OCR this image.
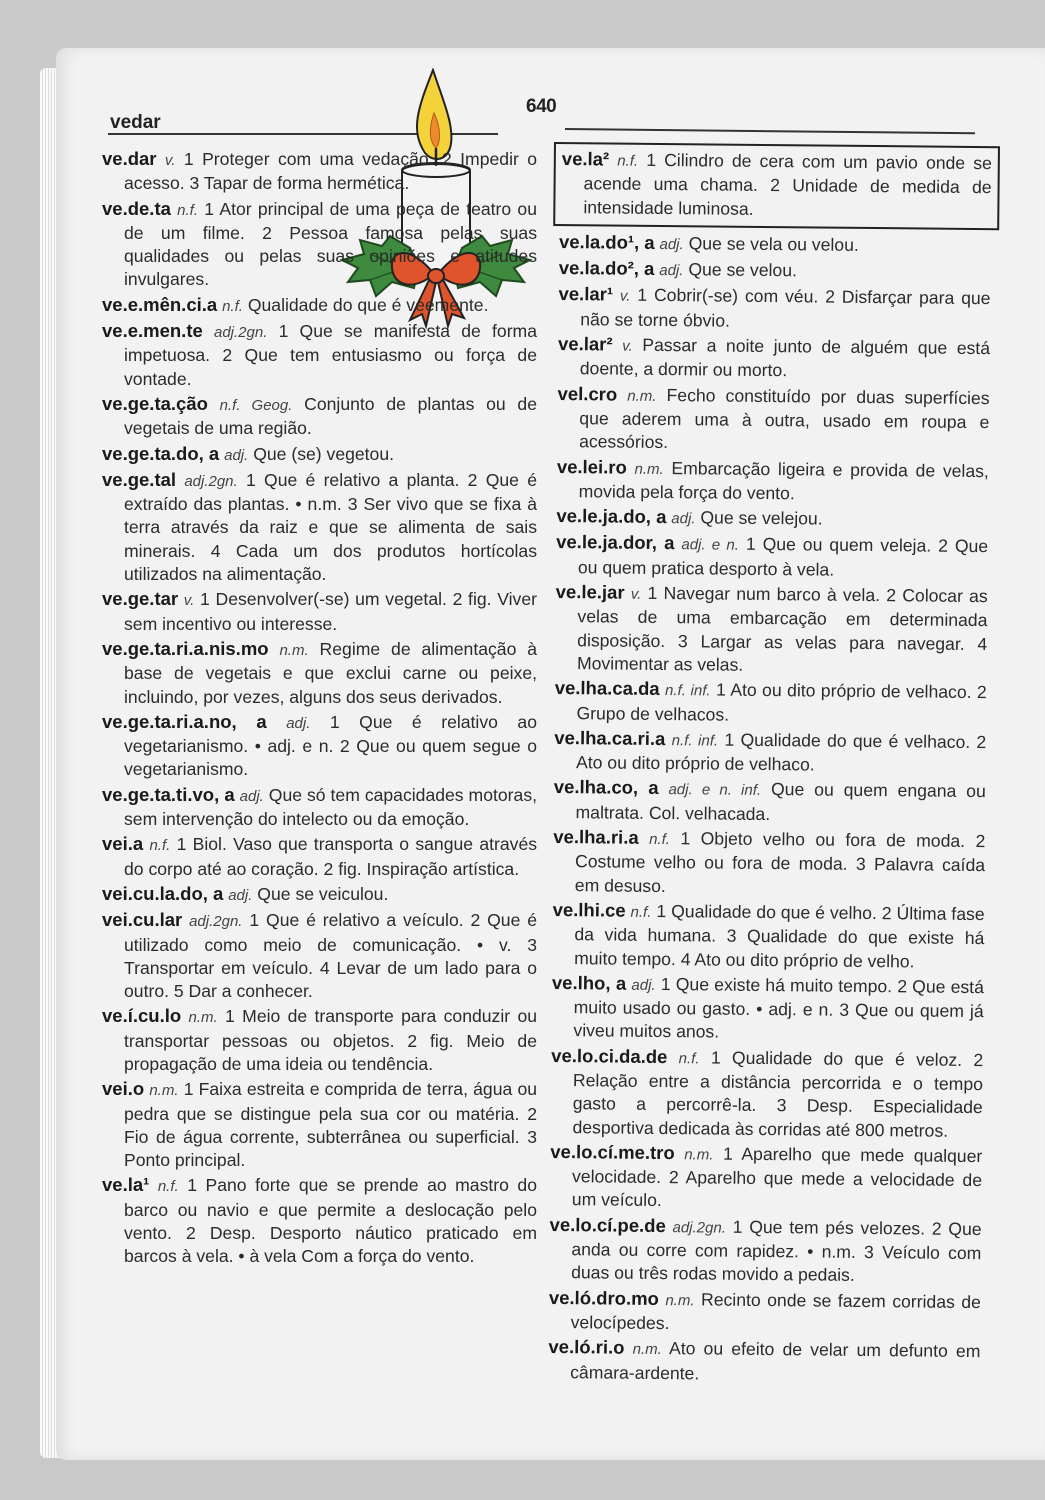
vedar
640

ve.dar v. 1 Proteger com uma vedação. 2 Impedir o acesso. 3 Tapar de forma hermética.

ve.de.ta n.f. 1 Ator principal de uma peça de teatro ou de um filme. 2 Pessoa famosa pelas suas qualidades ou pelas suas opiniões e atitudes invulgares.

ve.e.mên.ci.a n.f. Qualidade do que é veemente.

ve.e.men.te adj.2gn. 1 Que se manifesta de forma impetuosa. 2 Que tem entusiasmo ou força de vontade.

ve.ge.ta.ção n.f. Geog. Conjunto de plantas ou de vegetais de uma região.

ve.ge.ta.do, a adj. Que (se) vegetou.

ve.ge.tal adj.2gn. 1 Que é relativo a planta. 2 Que é extraído das plantas. • n.m. 3 Ser vivo que se fixa à terra através da raiz e que se alimenta de sais minerais. 4 Cada um dos produtos hortícolas utilizados na alimentação.

ve.ge.tar v. 1 Desenvolver(-se) um vegetal. 2 fig. Viver sem incentivo ou interesse.

ve.ge.ta.ri.a.nis.mo n.m. Regime de alimentação à base de vegetais e que exclui carne ou peixe, incluindo, por vezes, alguns dos seus derivados.

ve.ge.ta.ri.a.no, a adj. 1 Que é relativo ao vegetarianismo. • adj. e n. 2 Que ou quem segue o vegetarianismo.

ve.ge.ta.ti.vo, a adj. Que só tem capacidades motoras, sem intervenção do intelecto ou da emoção.

vei.a n.f. 1 Biol. Vaso que transporta o sangue através do corpo até ao coração. 2 fig. Inspiração artística.

vei.cu.la.do, a adj. Que se veiculou.

vei.cu.lar adj.2gn. 1 Que é relativo a veículo. 2 Que é utilizado como meio de comunicação. • v. 3 Transportar em veículo. 4 Levar de um lado para o outro. 5 Dar a conhecer.

ve.í.cu.lo n.m. 1 Meio de transporte para conduzir ou transportar pessoas ou objetos. 2 fig. Meio de propagação de uma ideia ou tendência.

vei.o n.m. 1 Faixa estreita e comprida de terra, água ou pedra que se distingue pela sua cor ou matéria. 2 Fio de água corrente, subterrânea ou superficial. 3 Ponto principal.

ve.la¹ n.f. 1 Pano forte que se prende ao mastro do barco ou navio e que permite a deslocação pelo vento. 2 Desp. Desporto náutico praticado em barcos à vela. • à vela Com a força do vento.

ve.la² n.f. 1 Cilindro de cera com um pavio onde se acende uma chama. 2 Unidade de medida de intensidade luminosa.

ve.la.do¹, a adj. Que se vela ou velou.

ve.la.do², a adj. Que se velou.

ve.lar¹ v. 1 Cobrir(-se) com véu. 2 Disfarçar para que não se torne óbvio.

ve.lar² v. Passar a noite junto de alguém que está doente, a dormir ou morto.

vel.cro n.m. Fecho constituído por duas superfícies que aderem uma à outra, usado em roupa e acessórios.

ve.lei.ro n.m. Embarcação ligeira e provida de velas, movida pela força do vento.

ve.le.ja.do, a adj. Que se velejou.

ve.le.ja.dor, a adj. e n. 1 Que ou quem veleja. 2 Que ou quem pratica desporto à vela.

ve.le.jar v. 1 Navegar num barco à vela. 2 Colocar as velas de uma embarcação em determinada disposição. 3 Largar as velas para navegar. 4 Movimentar as velas.

ve.lha.ca.da n.f. inf. 1 Ato ou dito próprio de velhaco. 2 Grupo de velhacos.

ve.lha.ca.ri.a n.f. inf. 1 Qualidade do que é velhaco. 2 Ato ou dito próprio de velhaco.

ve.lha.co, a adj. e n. inf. Que ou quem engana ou maltrata. Col. velhacada.

ve.lha.ri.a n.f. 1 Objeto velho ou fora de moda. 2 Costume velho ou fora de moda. 3 Palavra caída em desuso.

ve.lhi.ce n.f. 1 Qualidade do que é velho. 2 Última fase da vida humana. 3 Qualidade do que existe há muito tempo. 4 Ato ou dito próprio de velho.

ve.lho, a adj. 1 Que existe há muito tempo. 2 Que está muito usado ou gasto. • adj. e n. 3 Que ou quem já viveu muitos anos.

ve.lo.ci.da.de n.f. 1 Qualidade do que é veloz. 2 Relação entre a distância percorrida e o tempo gasto a percorrê-la. 3 Desp. Especialidade desportiva dedicada às corridas até 800 metros.

ve.lo.cí.me.tro n.m. 1 Aparelho que mede qualquer velocidade. 2 Aparelho que mede a velocidade de um veículo.

ve.lo.cí.pe.de adj.2gn. 1 Que tem pés velozes. 2 Que anda ou corre com rapidez. • n.m. 3 Veículo com duas ou três rodas movido a pedais.

ve.ló.dro.mo n.m. Recinto onde se fazem corridas de velocípedes.

ve.ló.ri.o n.m. Ato ou efeito de velar um defunto em câmara-ardente.
